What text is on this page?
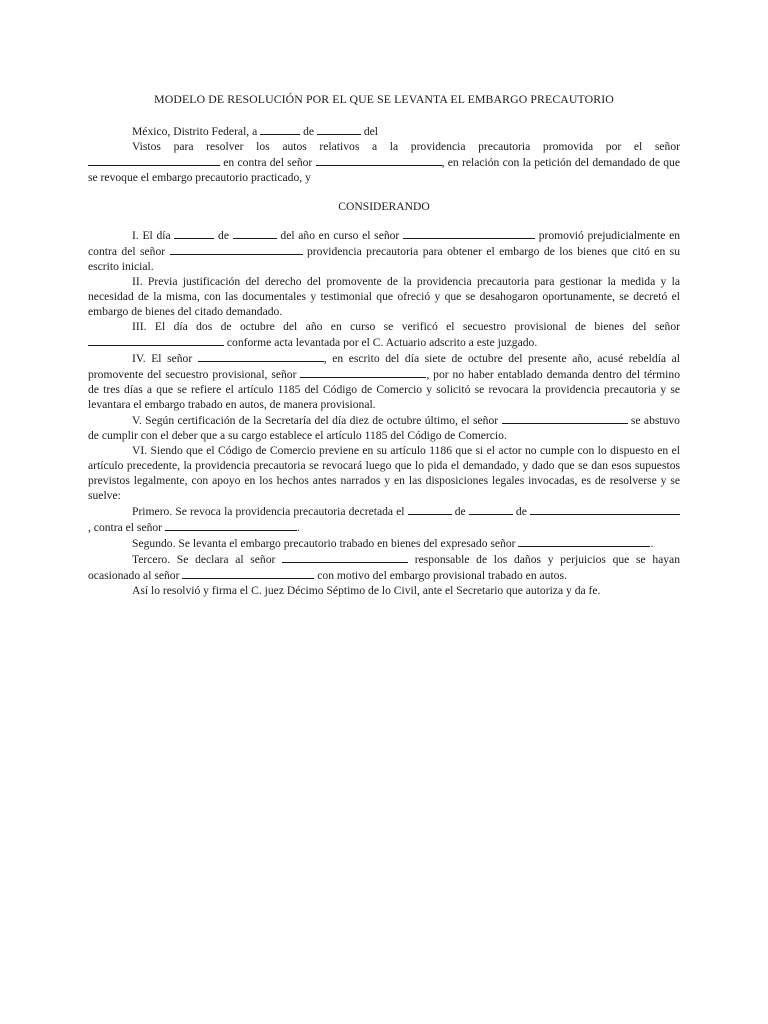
MODELO DE RESOLUCIÓN POR EL QUE SE LEVANTA EL EMBARGO PRECAUTORIO

México, Distrito Federal, a	de	del

Vistos para resolver los autos relativos a la providencia precautoria promovida por el señor  en contra del señor	, en relación con la petición del demandado de que se revoque el embargo precautorio practicado, y

CONSIDERANDO

I. El día	de	del año en curso el señor	promovió prejudicialmente en contra del señor	providencia precautoria para obtener el embargo de los bienes que citó en su escrito inicial.

II. Previa justificación del derecho del promovente de la providencia precautoria para gestionar la medida y la necesidad de la misma, con las documentales y testimonial que ofreció y que se desahogaron oportunamente, se decretó el embargo de bienes del citado demandado.

III. El día dos de octubre del año en curso se verificó el secuestro provisional de bienes del señor  conforme acta levantada por el C. Actuario adscrito a este juzgado.

IV. El señor	, en escrito del día siete de octubre del presente año, acusé rebeldía al promovente del secuestro provisional, señor	, por no haber entablado demanda dentro del término de tres días a que se refiere el artículo 1185 del Código de Comercio y solicitó se revocara la providencia precautoria y se levantara el embargo trabado en autos, de manera provisional.

V. Según certificación de la Secretaría del día diez de octubre último, el señor	se abstuvo de cumplir con el deber que a su cargo establece el artículo 1185 del Código de Comercio.

VI. Siendo que el Código de Comercio previene en su artículo 1186 que si el actor no cumple con lo dispuesto en el artículo precedente, la providencia precautoria se revocará luego que lo pida el demandado, y dado que se dan esos supuestos previstos legalmente, con apoyo en los hechos antes narrados y en las disposiciones legales invocadas, es de resolverse y se suelve:

Primero. Se revoca la providencia precautoria decretada el	de	de , contra el señor	.

Segundo. Se levanta el embargo precautorio trabado en bienes del expresado señor	.

Tercero. Se declara al señor	responsable de los daños y perjuicios que se hayan ocasionado al señor	con motivo del embargo provisional trabado en autos.

Así lo resolvió y firma el C. juez Décimo Séptimo de lo Civil, ante el Secretario que autoriza y da fe.
